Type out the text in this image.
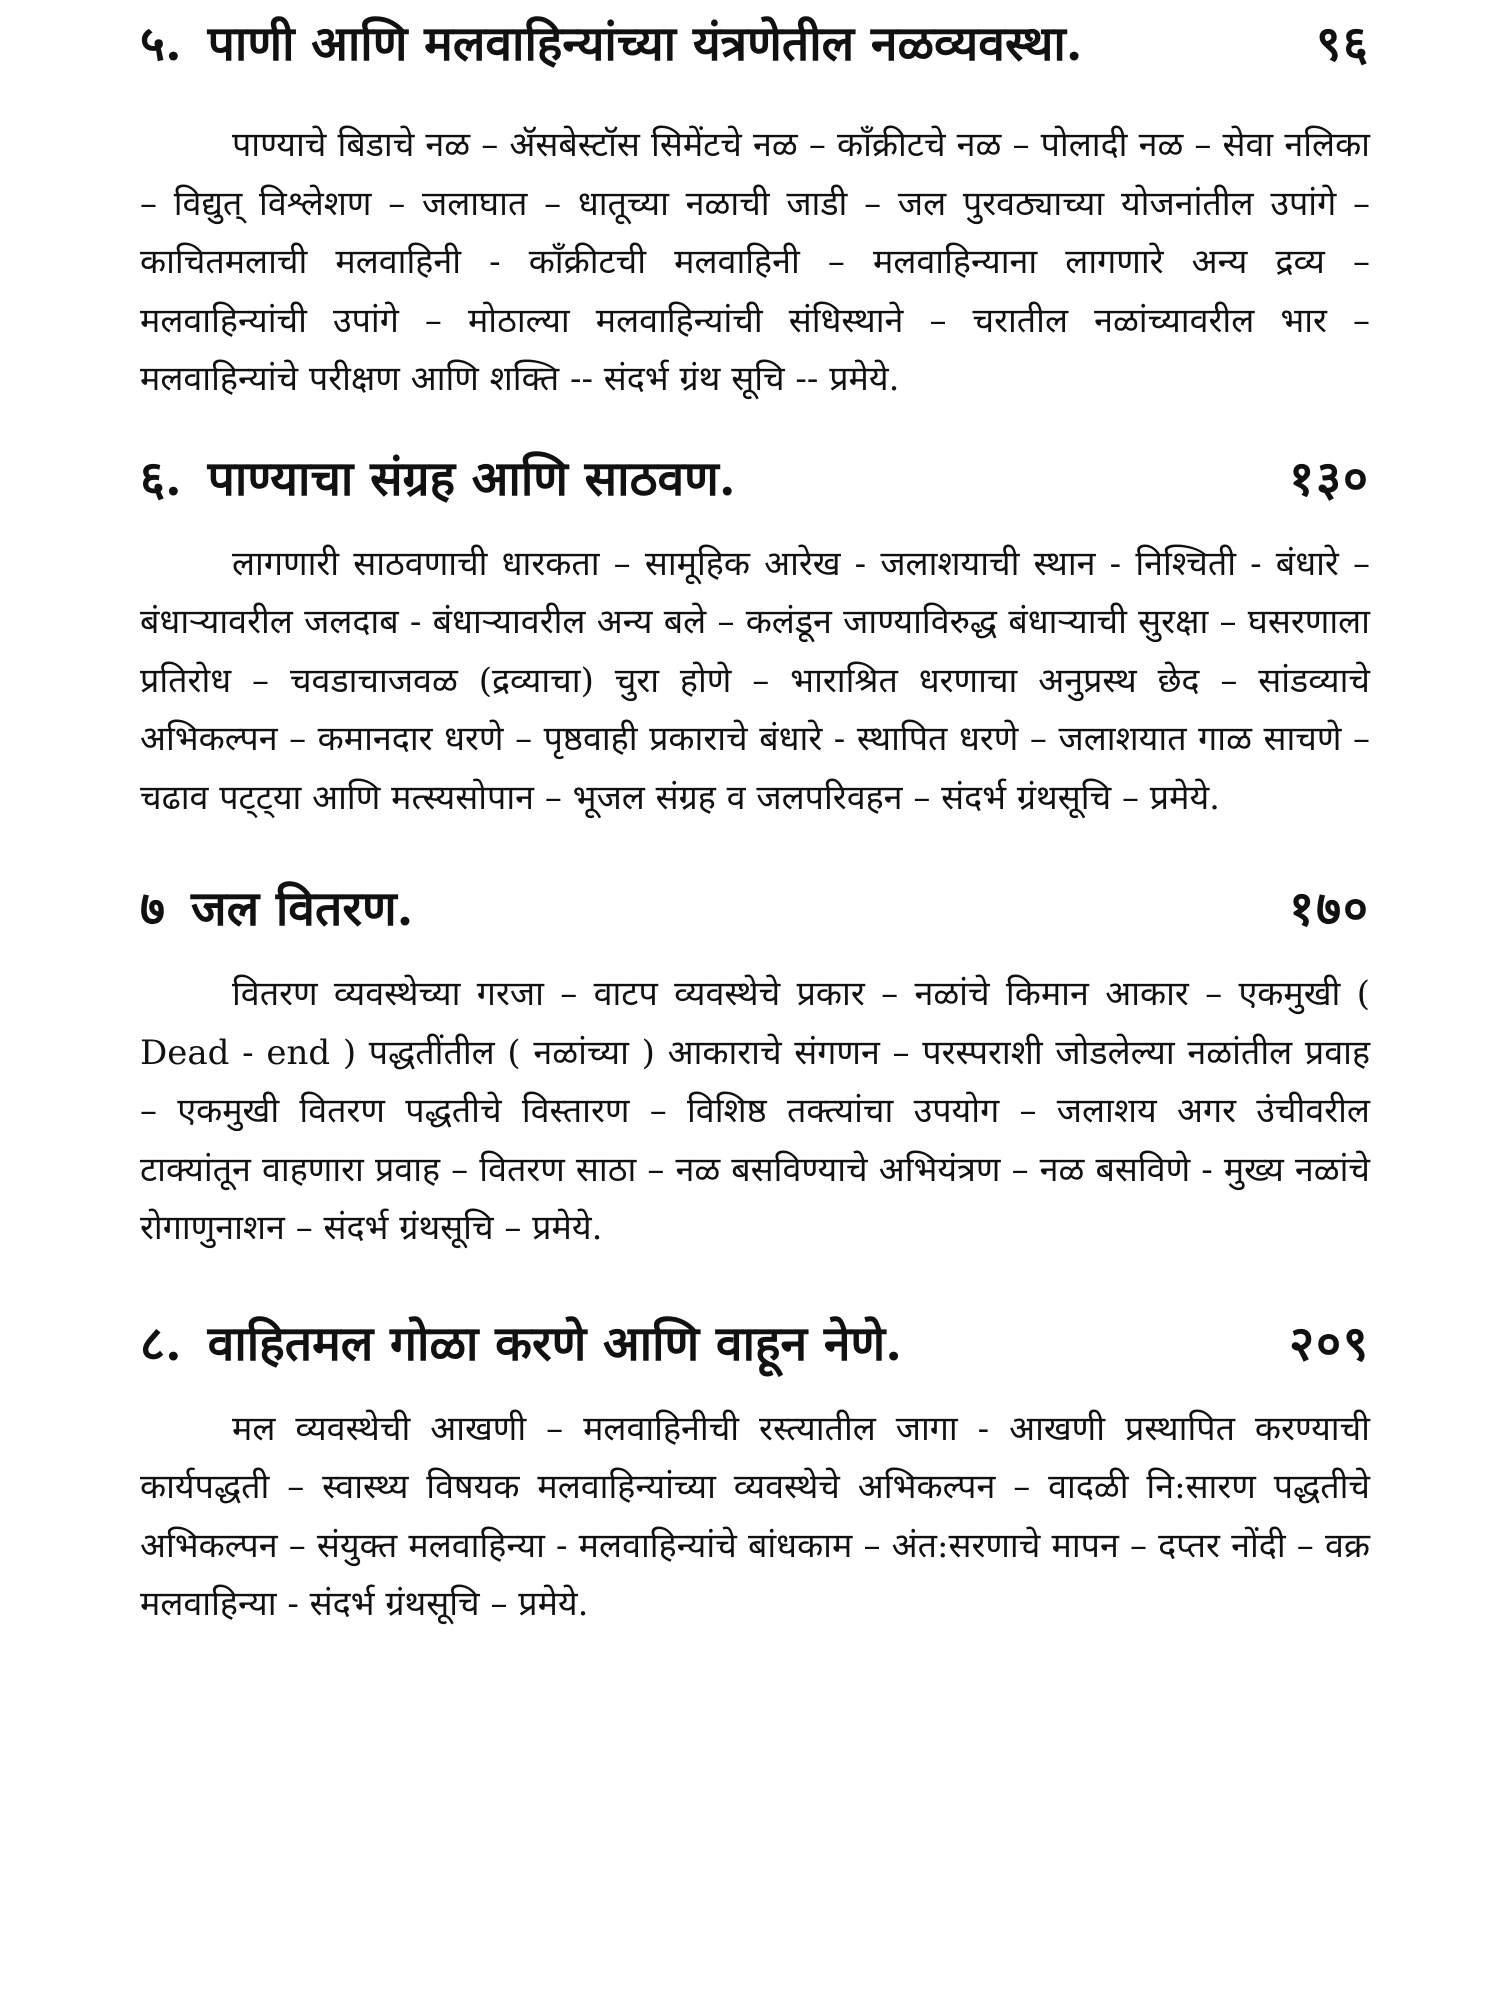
५. पाणी आणि मलवाहिन्यांच्या यंत्रणेतील नळव्यवस्था.	९६

पाण्याचे बिडाचे नळ – ॲसबेस्टॉस सिमेंटचे नळ – कॉंक्रीटचे नळ – पोलादी नळ – सेवा नलिका – विद्युत् विश्लेशण – जलाघात – धातूच्या नळाची जाडी – जल पुरवठ्याच्या योजनांतील उपांगे – काचितमलाची मलवाहिनी - कॉंक्रीटची मलवाहिनी – मलवाहिन्याना लागणारे अन्य द्रव्य – मलवाहिन्यांची उपांगे – मोठाल्या मलवाहिन्यांची संधिस्थाने – चरातील नळांच्यावरील भार – मलवाहिन्यांचे परीक्षण आणि शक्ति -- संदर्भ ग्रंथ सूचि -- प्रमेये.

६. पाण्याचा संग्रह आणि साठवण.	१३०

लागणारी साठवणाची धारकता – सामूहिक आरेख - जलाशयाची स्थान - निश्चिती - बंधारे – बंधाऱ्यावरील जलदाब - बंधाऱ्यावरील अन्य बले – कलंडून जाण्याविरुद्ध बंधाऱ्याची सुरक्षा – घसरणाला प्रतिरोध – चवडाचाजवळ (द्रव्याचा) चुरा होणे – भाराश्रित धरणाचा अनुप्रस्थ छेद – सांडव्याचे अभिकल्पन – कमानदार धरणे – पृष्ठवाही प्रकाराचे बंधारे - स्थापित धरणे – जलाशयात गाळ साचणे – चढाव पट्ट्या आणि मत्स्यसोपान – भूजल संग्रह व जलपरिवहन – संदर्भ ग्रंथसूचि – प्रमेये.

७ जल वितरण.	१७०

वितरण व्यवस्थेच्या गरजा – वाटप व्यवस्थेचे प्रकार – नळांचे किमान आकार – एकमुखी ( Dead - end ) पद्धतींतील ( नळांच्या ) आकाराचे संगणन – परस्पराशी जोडलेल्या नळांतील प्रवाह – एकमुखी वितरण पद्धतीचे विस्तारण – विशिष्ठ तक्त्यांचा उपयोग – जलाशय अगर उंचीवरील टाक्यांतून वाहणारा प्रवाह – वितरण साठा – नळ बसविण्याचे अभियंत्रण – नळ बसविणे - मुख्य नळांचे रोगाणुनाशन – संदर्भ ग्रंथसूचि – प्रमेये.

८. वाहितमल गोळा करणे आणि वाहून नेणे.	२०९

मल व्यवस्थेची आखणी – मलवाहिनीची रस्त्यातील जागा - आखणी प्रस्थापित करण्याची कार्यपद्धती – स्वास्थ्य विषयक मलवाहिन्यांच्या व्यवस्थेचे अभिकल्पन – वादळी नि:सारण पद्धतीचे अभिकल्पन – संयुक्त मलवाहिन्या - मलवाहिन्यांचे बांधकाम – अंत:सरणाचे मापन – दप्तर नोंदी – वक्र मलवाहिन्या - संदर्भ ग्रंथसूचि – प्रमेये.
